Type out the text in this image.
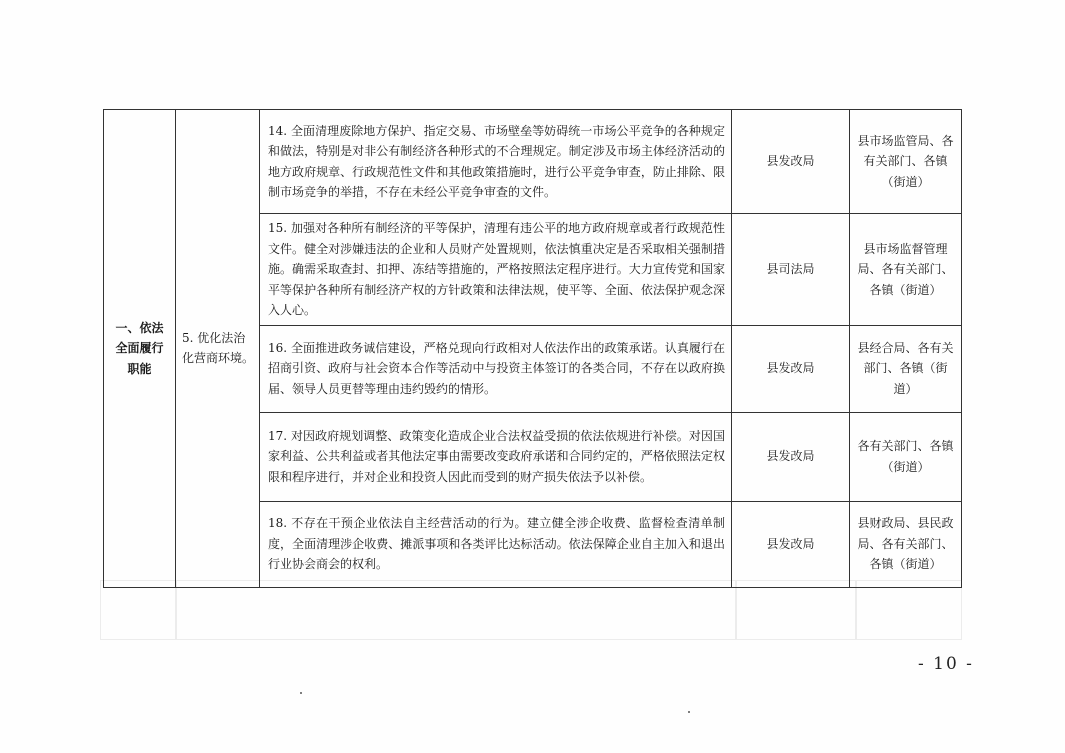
一、依法
全面履行
职能	5. 优化法治化营商环境。	14. 全面清理废除地方保护、指定交易、市场壁垒等妨碍统一市场公平竞争的各种规定和做法，特别是对非公有制经济各种形式的不合理规定。制定涉及市场主体经济活动的地方政府规章、行政规范性文件和其他政策措施时，进行公平竞争审查，防止排除、限制市场竞争的举措，不存在未经公平竞争审查的文件。	县发改局	县市场监管局、各有关部门、各镇（街道）
		15. 加强对各种所有制经济的平等保护，清理有违公平的地方政府规章或者行政规范性文件。健全对涉嫌违法的企业和人员财产处置规则，依法慎重决定是否采取相关强制措施。确需采取查封、扣押、冻结等措施的，严格按照法定程序进行。大力宣传党和国家平等保护各种所有制经济产权的方针政策和法律法规，使平等、全面、依法保护观念深入人心。	县司法局	县市场监督管理局、各有关部门、各镇（街道）
		16. 全面推进政务诚信建设，严格兑现向行政相对人依法作出的政策承诺。认真履行在招商引资、政府与社会资本合作等活动中与投资主体签订的各类合同，不存在以政府换届、领导人员更替等理由违约毁约的情形。	县发改局	县经合局、各有关部门、各镇（街道）
		17. 对因政府规划调整、政策变化造成企业合法权益受损的依法依规进行补偿。对因国家利益、公共利益或者其他法定事由需要改变政府承诺和合同约定的，严格依照法定权限和程序进行，并对企业和投资人因此而受到的财产损失依法予以补偿。	县发改局	各有关部门、各镇（街道）
		18. 不存在干预企业依法自主经营活动的行为。建立健全涉企收费、监督检查清单制度，全面清理涉企收费、摊派事项和各类评比达标活动。依法保障企业自主加入和退出行业协会商会的权利。	县发改局	县财政局、县民政局、各有关部门、各镇（街道）
- 10 -
